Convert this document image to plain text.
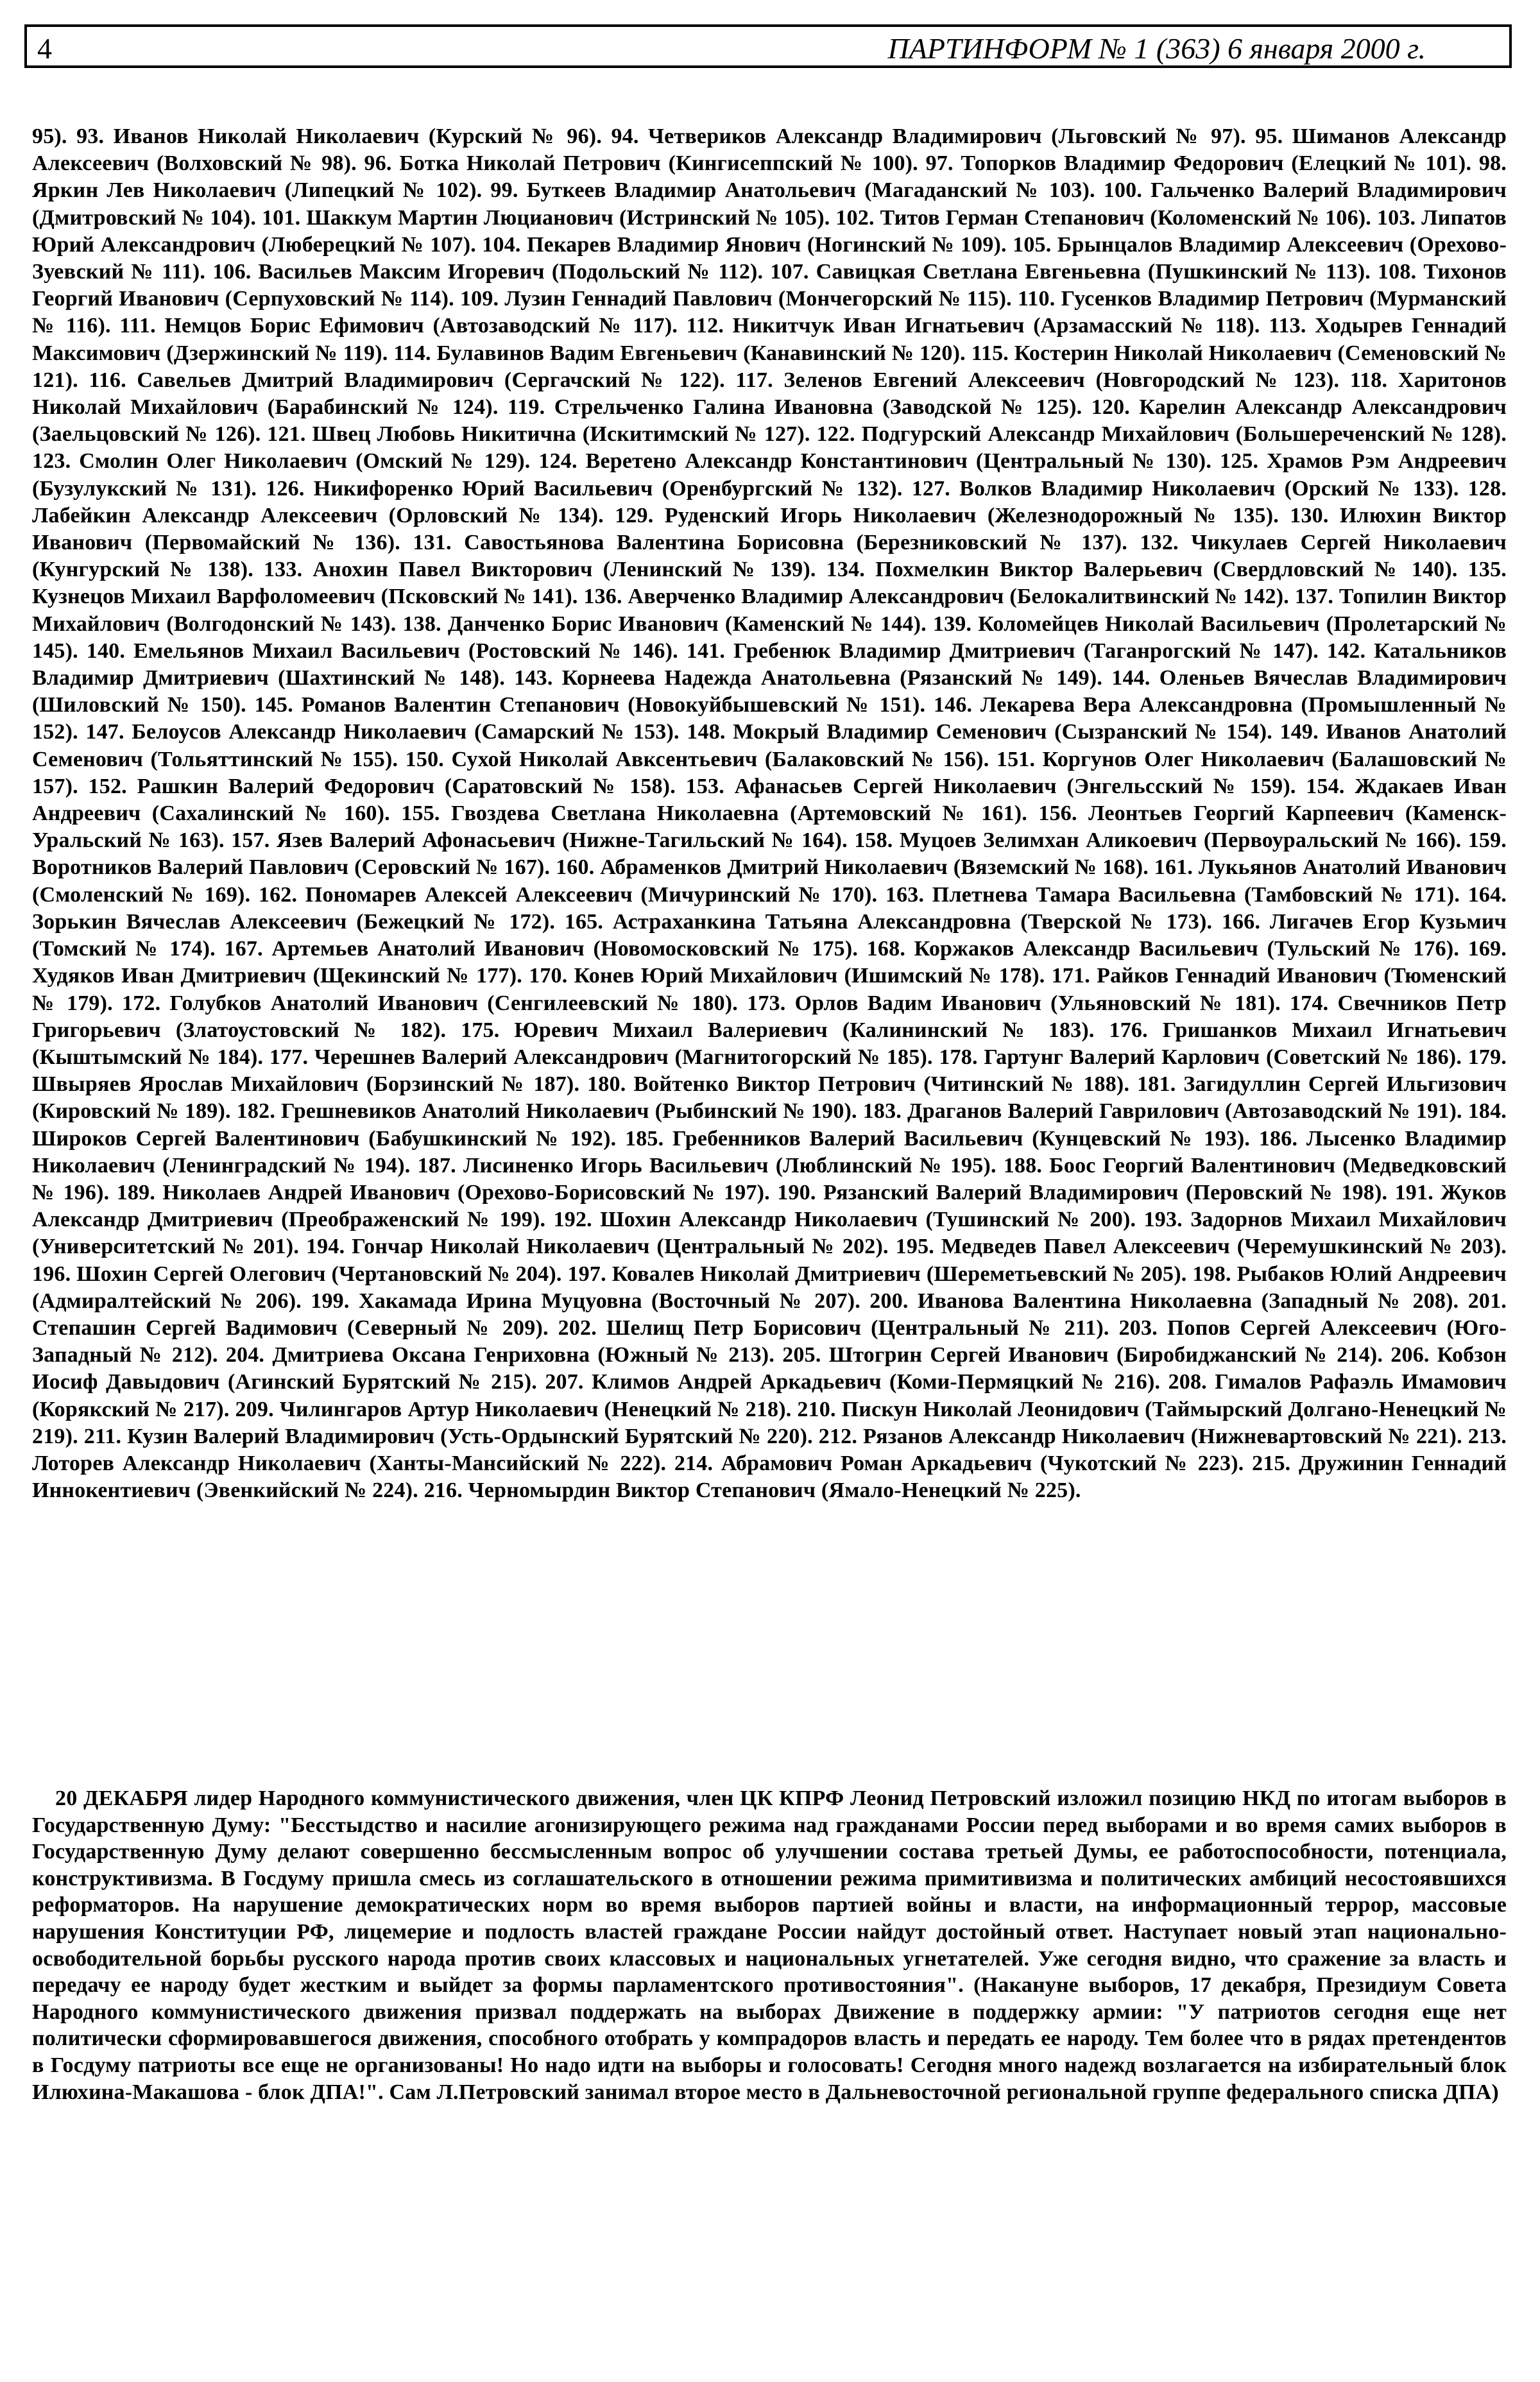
4	ПАРТИНФОРМ № 1 (363) 6 января 2000 г.
95). 93. Иванов Николай Николаевич (Курский № 96). 94. Четвериков Александр Владимирович (Льговский № 97). 95. Шиманов Александр Алексеевич (Волховский № 98). 96. Ботка Николай Петрович (Кингисеппский № 100). 97. Топорков Владимир Федорович (Елецкий № 101). 98. Яркин Лев Николаевич (Липецкий № 102). 99. Буткеев Владимир Анатольевич (Магаданский № 103). 100. Гальченко Валерий Владимирович (Дмитровский № 104). 101. Шаккум Мартин Люцианович (Истринский № 105). 102. Титов Герман Степанович (Коломенский № 106). 103. Липатов Юрий Александрович (Люберецкий № 107). 104. Пекарев Владимир Янович (Ногинский № 109). 105. Брынцалов Владимир Алексеевич (Орехово-Зуевский № 111). 106. Васильев Максим Игоревич (Подольский № 112). 107. Савицкая Светлана Евгеньевна (Пушкинский № 113). 108. Тихонов Георгий Иванович (Серпуховский № 114). 109. Лузин Геннадий Павлович (Мончегорский № 115). 110. Гусенков Владимир Петрович (Мурманский № 116). 111. Немцов Борис Ефимович (Автозаводский № 117). 112. Никитчук Иван Игнатьевич (Арзамасский № 118). 113. Ходырев Геннадий Максимович (Дзержинский № 119). 114. Булавинов Вадим Евгеньевич (Канавинский № 120). 115. Костерин Николай Николаевич (Семеновский № 121). 116. Савельев Дмитрий Владимирович (Сергачский № 122). 117. Зеленов Евгений Алексеевич (Новгородский № 123). 118. Харитонов Николай Михайлович (Барабинский № 124). 119. Стрельченко Галина Ивановна (Заводской № 125). 120. Карелин Александр Александрович (Заельцовский № 126). 121. Швец Любовь Никитична (Искитимский № 127). 122. Подгурский Александр Михайлович (Большереченский № 128). 123. Смолин Олег Николаевич (Омский № 129). 124. Веретено Александр Константинович (Центральный № 130). 125. Храмов Рэм Андреевич (Бузулукский № 131). 126. Никифоренко Юрий Васильевич (Оренбургский № 132). 127. Волков Владимир Николаевич (Орский № 133). 128. Лабейкин Александр Алексеевич (Орловский № 134). 129. Руденский Игорь Николаевич (Железнодорожный № 135). 130. Илюхин Виктор Иванович (Первомайский № 136). 131. Савостьянова Валентина Борисовна (Березниковский № 137). 132. Чикулаев Сергей Николаевич (Кунгурский № 138). 133. Анохин Павел Викторович (Ленинский № 139). 134. Похмелкин Виктор Валерьевич (Свердловский № 140). 135. Кузнецов Михаил Варфоломеевич (Псковский № 141). 136. Аверченко Владимир Александрович (Белокалитвинский № 142). 137. Топилин Виктор Михайлович (Волгодонский № 143). 138. Данченко Борис Иванович (Каменский № 144). 139. Коломейцев Николай Васильевич (Пролетарский № 145). 140. Емельянов Михаил Васильевич (Ростовский № 146). 141. Гребенюк Владимир Дмитриевич (Таганрогский № 147). 142. Катальников Владимир Дмитриевич (Шахтинский № 148). 143. Корнеева Надежда Анатольевна (Рязанский № 149). 144. Оленьев Вячеслав Владимирович (Шиловский № 150). 145. Романов Валентин Степанович (Новокуйбышевский № 151). 146. Лекарева Вера Александровна (Промышленный № 152). 147. Белоусов Александр Николаевич (Самарский № 153). 148. Мокрый Владимир Семенович (Сызранский № 154). 149. Иванов Анатолий Семенович (Тольяттинский № 155). 150. Сухой Николай Авксентьевич (Балаковский № 156). 151. Коргунов Олег Николаевич (Балашовский № 157). 152. Рашкин Валерий Федорович (Саратовский № 158). 153. Афанасьев Сергей Николаевич (Энгельсский № 159). 154. Ждакаев Иван Андреевич (Сахалинский № 160). 155. Гвоздева Светлана Николаевна (Артемовский № 161). 156. Леонтьев Георгий Карпеевич (Каменск-Уральский № 163). 157. Язев Валерий Афонасьевич (Нижне-Тагильский № 164). 158. Муцоев Зелимхан Аликоевич (Первоуральский № 166). 159. Воротников Валерий Павлович (Серовский № 167). 160. Абраменков Дмитрий Николаевич (Вяземский № 168). 161. Лукьянов Анатолий Иванович (Смоленский № 169). 162. Пономарев Алексей Алексеевич (Мичуринский № 170). 163. Плетнева Тамара Васильевна (Тамбовский № 171). 164. Зорькин Вячеслав Алексеевич (Бежецкий № 172). 165. Астраханкина Татьяна Александровна (Тверской № 173). 166. Лигачев Егор Кузьмич (Томский № 174). 167. Артемьев Анатолий Иванович (Новомосковский № 175). 168. Коржаков Александр Васильевич (Тульский № 176). 169. Худяков Иван Дмитриевич (Щекинский № 177). 170. Конев Юрий Михайлович (Ишимский № 178). 171. Райков Геннадий Иванович (Тюменский № 179). 172. Голубков Анатолий Иванович (Сенгилеевский № 180). 173. Орлов Вадим Иванович (Ульяновский № 181). 174. Свечников Петр Григорьевич (Златоустовский № 182). 175. Юревич Михаил Валериевич (Калининский № 183). 176. Гришанков Михаил Игнатьевич (Кыштымский № 184). 177. Черешнев Валерий Александрович (Магнитогорский № 185). 178. Гартунг Валерий Карлович (Советский № 186). 179. Швыряев Ярослав Михайлович (Борзинский № 187). 180. Войтенко Виктор Петрович (Читинский № 188). 181. Загидуллин Сергей Ильгизович (Кировский № 189). 182. Грешневиков Анатолий Николаевич (Рыбинский № 190). 183. Драганов Валерий Гаврилович (Автозаводский № 191). 184. Широков Сергей Валентинович (Бабушкинский № 192). 185. Гребенников Валерий Васильевич (Кунцевский № 193). 186. Лысенко Владимир Николаевич (Ленинградский № 194). 187. Лисиненко Игорь Васильевич (Люблинский № 195). 188. Боос Георгий Валентинович (Медведковский № 196). 189. Николаев Андрей Иванович (Орехово-Борисовский № 197). 190. Рязанский Валерий Владимирович (Перовский № 198). 191. Жуков Александр Дмитриевич (Преображенский № 199). 192. Шохин Александр Николаевич (Тушинский № 200). 193. Задорнов Михаил Михайлович (Университетский № 201). 194. Гончар Николай Николаевич (Центральный № 202). 195. Медведев Павел Алексеевич (Черемушкинский № 203). 196. Шохин Сергей Олегович (Чертановский № 204). 197. Ковалев Николай Дмитриевич (Шереметьевский № 205). 198. Рыбаков Юлий Андреевич (Адмиралтейский № 206). 199. Хакамада Ирина Муцуовна (Восточный № 207). 200. Иванова Валентина Николаевна (Западный № 208). 201. Степашин Сергей Вадимович (Северный № 209). 202. Шелищ Петр Борисович (Центральный № 211). 203. Попов Сергей Алексеевич (Юго-Западный № 212). 204. Дмитриева Оксана Генриховна (Южный № 213). 205. Штогрин Сергей Иванович (Биробиджанский № 214). 206. Кобзон Иосиф Давыдович (Агинский Бурятский № 215). 207. Климов Андрей Аркадьевич (Коми-Пермяцкий № 216). 208. Гималов Рафаэль Имамович (Корякский № 217). 209. Чилингаров Артур Николаевич (Ненецкий № 218). 210. Пискун Николай Леонидович (Таймырский Долгано-Ненецкий № 219). 211. Кузин Валерий Владимирович (Усть-Ордынский Бурятский № 220). 212. Рязанов Александр Николаевич (Нижневартовский № 221). 213. Лоторев Александр Николаевич (Ханты-Мансийский № 222). 214. Абрамович Роман Аркадьевич (Чукотский № 223). 215. Дружинин Геннадий Иннокентиевич (Эвенкийский № 224). 216. Черномырдин Виктор Степанович (Ямало-Ненецкий № 225).
20 ДЕКАБРЯ лидер Народного коммунистического движения, член ЦК КПРФ Леонид Петровский изложил позицию НКД по итогам выборов в Государственную Думу: "Бесстыдство и насилие агонизирующего режима над гражданами России перед выборами и во время самих выборов в Государственную Думу делают совершенно бессмысленным вопрос об улучшении состава третьей Думы, ее работоспособности, потенциала, конструктивизма. В Госдуму пришла смесь из соглашательского в отношении режима примитивизма и политических амбиций несостоявшихся реформаторов. На нарушение демократических норм во время выборов партией войны и власти, на информационный террор, массовые нарушения Конституции РФ, лицемерие и подлость властей граждане России найдут достойный ответ. Наступает новый этап национально-освободительной борьбы русского народа против своих классовых и национальных угнетателей. Уже сегодня видно, что сражение за власть и передачу ее народу будет жестким и выйдет за формы парламентского противостояния". (Накануне выборов, 17 декабря, Президиум Совета Народного коммунистического движения призвал поддержать на выборах Движение в поддержку армии: "У патриотов сегодня еще нет политически сформировавшегося движения, способного отобрать у компрадоров власть и передать ее народу. Тем более что в рядах претендентов в Госдуму патриоты все еще не организованы! Но надо идти на выборы и голосовать! Сегодня много надежд возлагается на избирательный блок Илюхина-Макашова - блок ДПА!". Сам Л.Петровский занимал второе место в Дальневосточной региональной группе федерального списка ДПА)
